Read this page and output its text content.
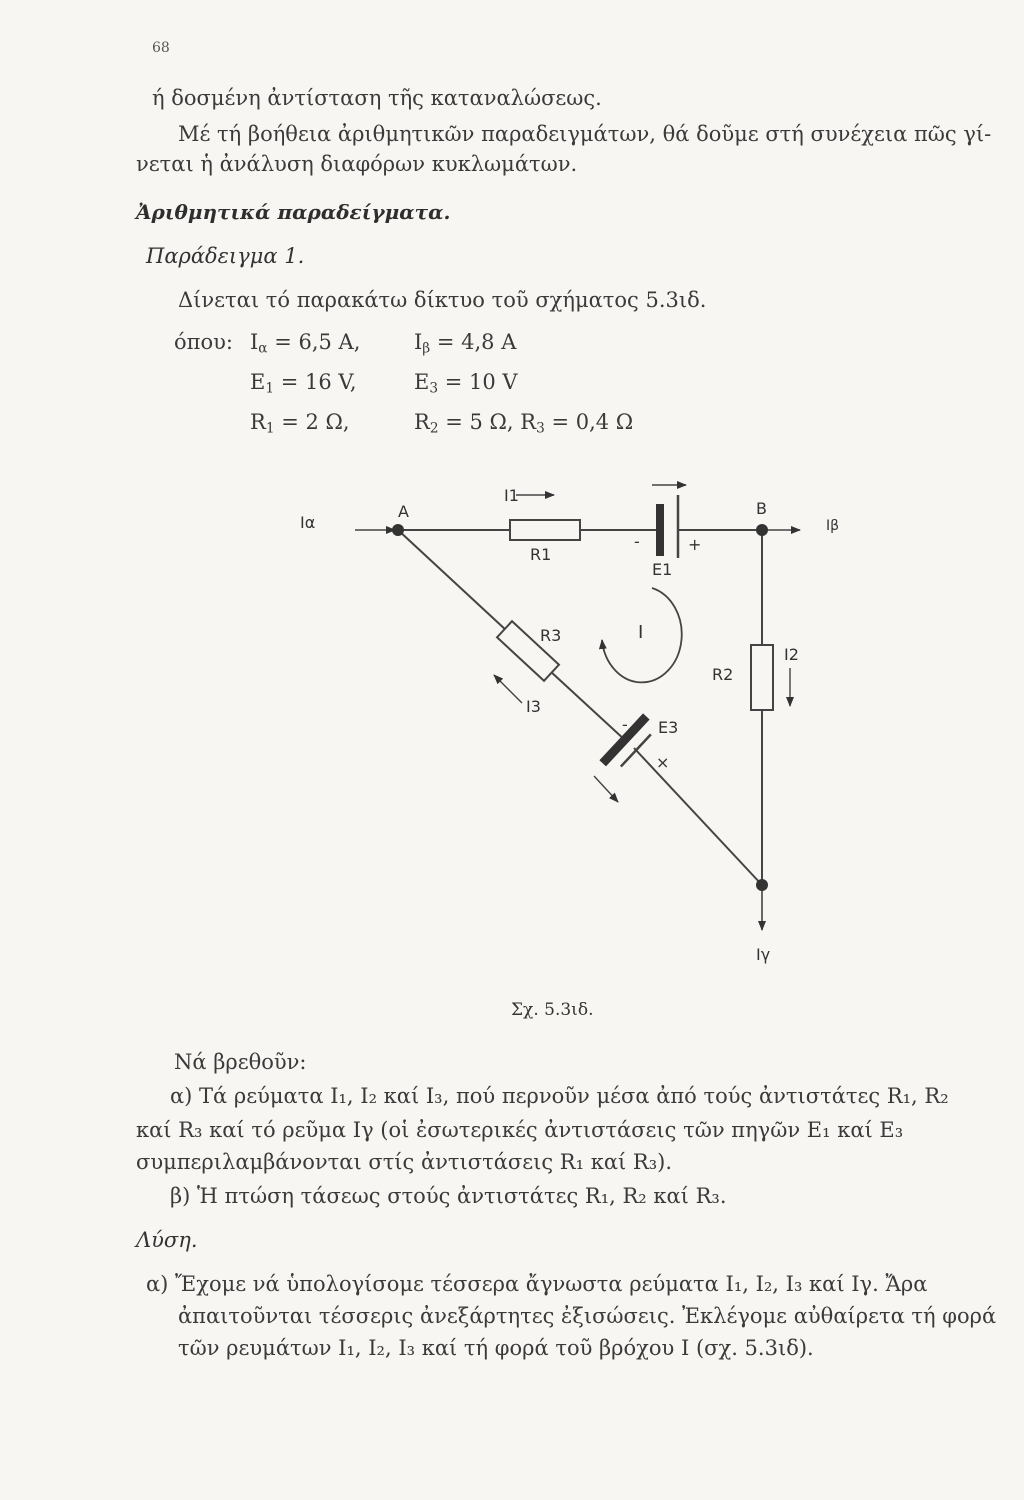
68
ή δοσμένη ἀντίσταση τῆς καταναλώσεως.
Μέ τή βοήθεια ἀριθμητικῶν παραδειγμάτων, θά δοῦμε στή συνέχεια πῶς γί-
νεται ἡ ἀνάλυση διαφόρων κυκλωμάτων.
Ἀριθμητικά παραδείγματα.
Παράδειγμα 1.
Δίνεται τό παρακάτω δίκτυο τοῦ σχήματος 5.3ιδ.
όπου: $I_\alpha = 6,5$ A,	$I_\beta = 4,8$ A
$E_1 = 16$ V,	$E_3 = 10$ V
$R_1 = 2$ Ω,	$R_2 = 5$ Ω, $R_3 = 0,4$ Ω
Iα
A	B
Iβ
Iγ
I1
R1
E1
-	+
R3	I
R2
I2
I3
E3
-
×
Σχ. 5.3ιδ.
Νά βρεθοῦν:
α) Τά ρεύματα I₁, I₂ καί I₃, πού περνοῦν μέσα ἀπό τούς ἀντιστάτες R₁, R₂
καί R₃ καί τό ρεῦμα Iγ (οἱ ἐσωτερικές ἀντιστάσεις τῶν πηγῶν E₁ καί E₃
συμπεριλαμβάνονται στίς ἀντιστάσεις R₁ καί R₃).
β) Ἡ πτώση τάσεως στούς ἀντιστάτες R₁, R₂ καί R₃.
Λύση.
α) Ἔχομε νά ὑπολογίσομε τέσσερα ἄγνωστα ρεύματα I₁, I₂, I₃ καί Iγ. Ἄρα
ἀπαιτοῦνται τέσσερις ἀνεξάρτητες ἐξισώσεις. Ἐκλέγομε αὐθαίρετα τή φορά
τῶν ρευμάτων I₁, I₂, I₃ καί τή φορά τοῦ βρόχου I (σχ. 5.3ιδ).
